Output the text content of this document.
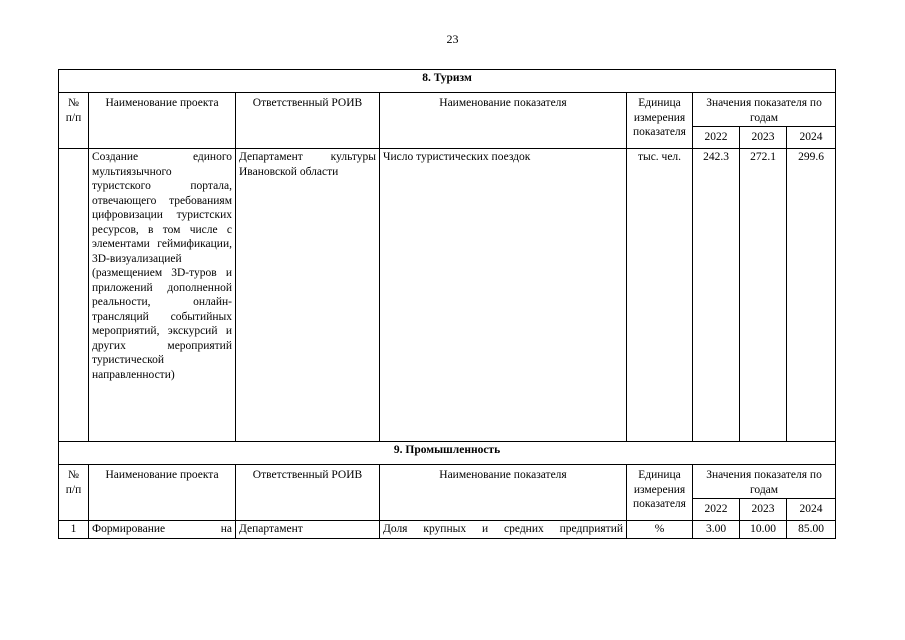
23
8. Туризм							
№ п/п	Наименование проекта	Ответственный РОИВ	Наименование показателя	Единица измерения показателя	Значения показателя по годам		
					2022	2023	2024
	Создание единого мультиязычного туристского портала, отвечающего требованиям цифровизации туристских ресурсов, в том числе с элементами геймификации, 3D-визуализацией (размещением 3D-туров и приложений дополненной реальности, онлайн-трансляций событийных мероприятий, экскурсий и других мероприятий туристической направленности)	Департамент культуры Ивановской области	Число туристических поездок	тыс. чел.	242.3	272.1	299.6
9. Промышленность							
№ п/п	Наименование проекта	Ответственный РОИВ	Наименование показателя	Единица измерения показателя	Значения показателя по годам		
					2022	2023	2024
1	Формирование на	Департамент	Доля крупных и средних предприятий	%	3.00	10.00	85.00
